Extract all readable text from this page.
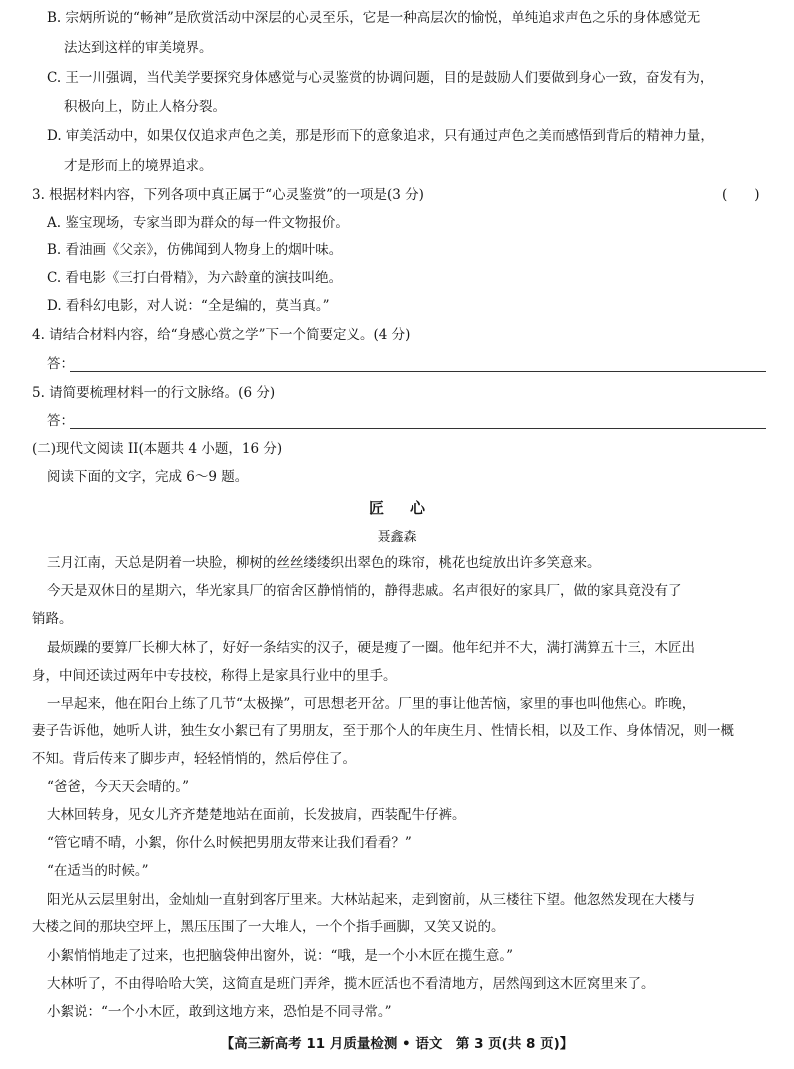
B. 宗炳所说的“畅神”是欣赏活动中深层的心灵至乐，它是一种高层次的愉悦，单纯追求声色之乐的身体感觉无
法达到这样的审美境界。
C. 王一川强调，当代美学要探究身体感觉与心灵鉴赏的协调问题，目的是鼓励人们要做到身心一致，奋发有为，
积极向上，防止人格分裂。
D. 审美活动中，如果仅仅追求声色之美，那是形而下的意象追求，只有通过声色之美而感悟到背后的精神力量，
才是形而上的境界追求。
3. 根据材料内容，下列各项中真正属于“心灵鉴赏”的一项是(3 分)	(　　)
A. 鉴宝现场，专家当即为群众的每一件文物报价。
B. 看油画《父亲》，仿佛闻到人物身上的烟叶味。
C. 看电影《三打白骨精》，为六龄童的演技叫绝。
D. 看科幻电影，对人说：“全是编的，莫当真。”
4. 请结合材料内容，给“身感心赏之学”下一个简要定义。(4 分)
答：
5. 请简要梳理材料一的行文脉络。(6 分)
答：
(二)现代文阅读 II(本题共 4 小题，16 分)
阅读下面的文字，完成 6～9 题。
匠心
聂鑫森
三月江南，天总是阴着一块脸，柳树的丝丝缕缕织出翠色的珠帘，桃花也绽放出许多笑意来。
今天是双休日的星期六，华光家具厂的宿舍区静悄悄的，静得悲戚。名声很好的家具厂，做的家具竟没有了
销路。
最烦躁的要算厂长柳大林了，好好一条结实的汉子，硬是瘦了一圈。他年纪并不大，满打满算五十三，木匠出
身，中间还读过两年中专技校，称得上是家具行业中的里手。
一早起来，他在阳台上练了几节“太极操”，可思想老开岔。厂里的事让他苦恼，家里的事也叫他焦心。昨晚，
妻子告诉他，她听人讲，独生女小絮已有了男朋友，至于那个人的年庚生月、性情长相，以及工作、身体情况，则一概
不知。背后传来了脚步声，轻轻悄悄的，然后停住了。
“爸爸，今天天会晴的。”
大林回转身，见女儿齐齐楚楚地站在面前，长发披肩，西装配牛仔裤。
“管它晴不晴，小絮，你什么时候把男朋友带来让我们看看？”
“在适当的时候。”
阳光从云层里射出，金灿灿一直射到客厅里来。大林站起来，走到窗前，从三楼往下望。他忽然发现在大楼与
大楼之间的那块空坪上，黑压压围了一大堆人，一个个指手画脚，又笑又说的。
小絮悄悄地走了过来，也把脑袋伸出窗外，说：“哦，是一个小木匠在揽生意。”
大林听了，不由得哈哈大笑，这简直是班门弄斧，揽木匠活也不看清地方，居然闯到这木匠窝里来了。
小絮说：“一个小木匠，敢到这地方来，恐怕是不同寻常。”
【高三新高考 11 月质量检测 • 语文　第 3 页(共 8 页)】
